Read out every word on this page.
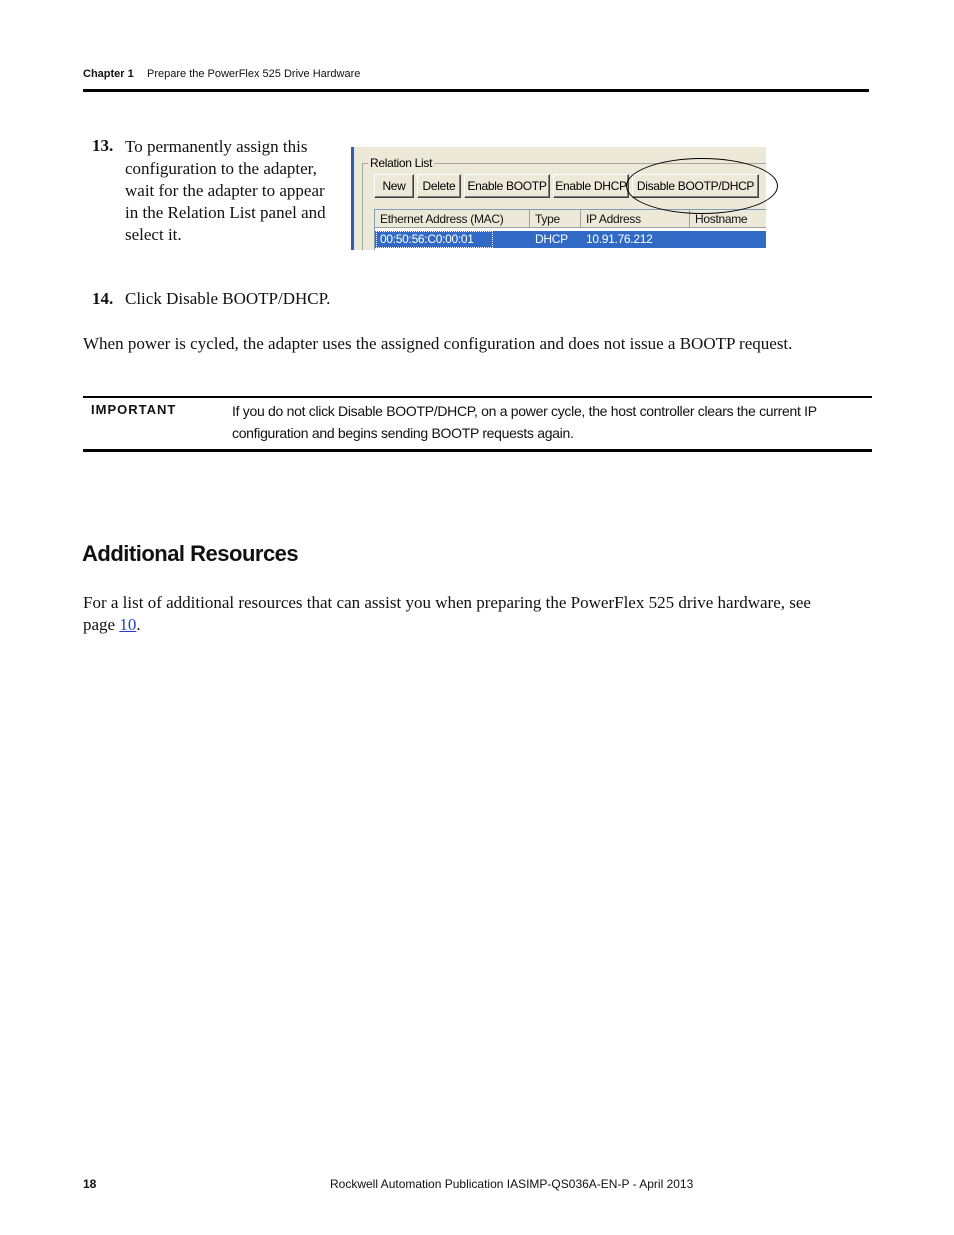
Chapter 1 Prepare the PowerFlex 525 Drive Hardware
13. To permanently assign this configuration to the adapter, wait for the adapter to appear in the Relation List panel and select it.
Relation List
New	Delete	Enable BOOTP Enable DHCP Disable BOOTP/DHCP
Ethernet Address (MAC)	Type	IP Address	Hostname
00:50:56:C0:00:01	DHCP 10.91.76.212
14. Click Disable BOOTP/DHCP.
When power is cycled, the adapter uses the assigned configuration and does not issue a BOOTP request.
IMPORTANT	If you do not click Disable BOOTP/DHCP, on a power cycle, the host controller clears the current IP configuration and begins sending BOOTP requests again.
Additional Resources
For a list of additional resources that can assist you when preparing the PowerFlex 525 drive hardware, see page 10.
18	Rockwell Automation Publication IASIMP-QS036A-EN-P - April 2013
